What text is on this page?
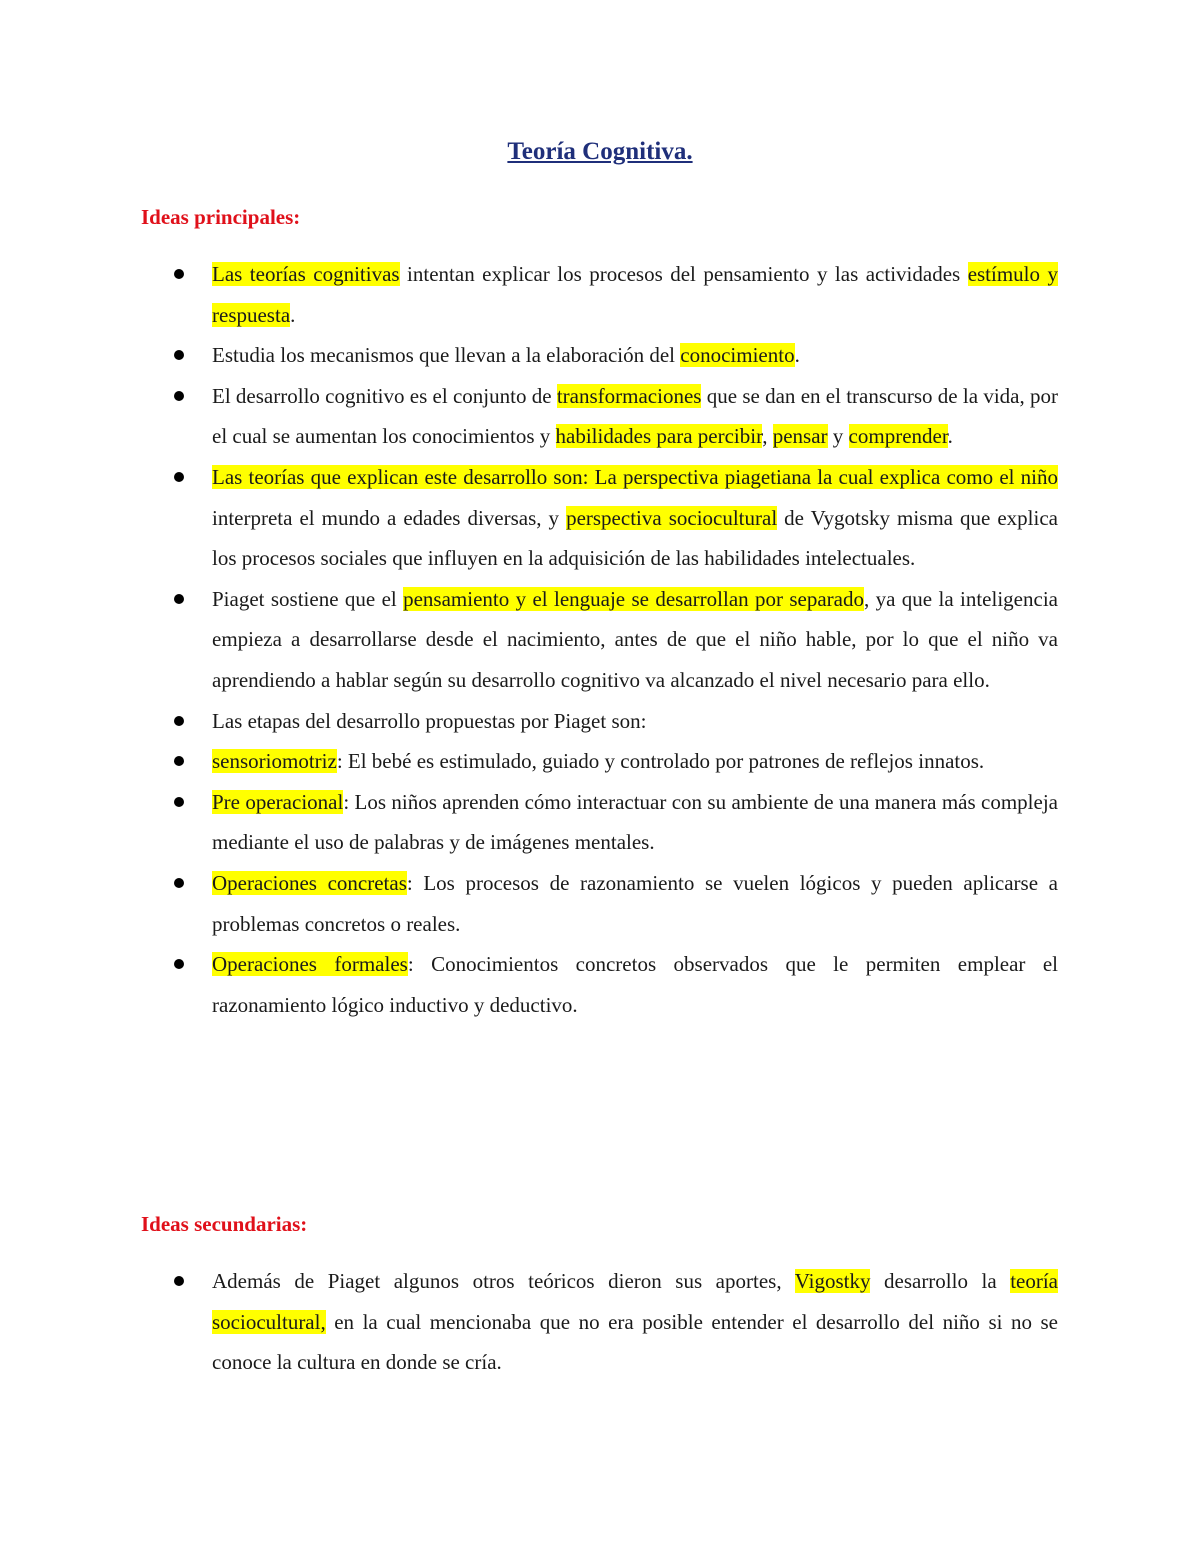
Teoría Cognitiva.
Ideas principales:
Las teorías cognitivas intentan explicar los procesos del pensamiento y las actividades estímulo y respuesta.
Estudia los mecanismos que llevan a la elaboración del conocimiento.
El desarrollo cognitivo es el conjunto de transformaciones que se dan en el transcurso de la vida, por el cual se aumentan los conocimientos y habilidades para percibir, pensar y comprender.
Las teorías que explican este desarrollo son: La perspectiva piagetiana la cual explica como el niño interpreta el mundo a edades diversas, y perspectiva sociocultural de Vygotsky misma que explica los procesos sociales que influyen en la adquisición de las habilidades intelectuales.
Piaget sostiene que el pensamiento y el lenguaje se desarrollan por separado, ya que la inteligencia empieza a desarrollarse desde el nacimiento, antes de que el niño hable, por lo que el niño va aprendiendo a hablar según su desarrollo cognitivo va alcanzado el nivel necesario para ello.
Las etapas del desarrollo propuestas por Piaget son:
sensoriomotriz: El bebé es estimulado, guiado y controlado por patrones de reflejos innatos.
Pre operacional: Los niños aprenden cómo interactuar con su ambiente de una manera más compleja mediante el uso de palabras y de imágenes mentales.
Operaciones concretas: Los procesos de razonamiento se vuelen lógicos y pueden aplicarse a problemas concretos o reales.
Operaciones formales: Conocimientos concretos observados que le permiten emplear el razonamiento lógico inductivo y deductivo.
Ideas secundarias:
Además de Piaget algunos otros teóricos dieron sus aportes, Vigostky desarrollo la teoría sociocultural, en la cual mencionaba que no era posible entender el desarrollo del niño si no se conoce la cultura en donde se cría.
